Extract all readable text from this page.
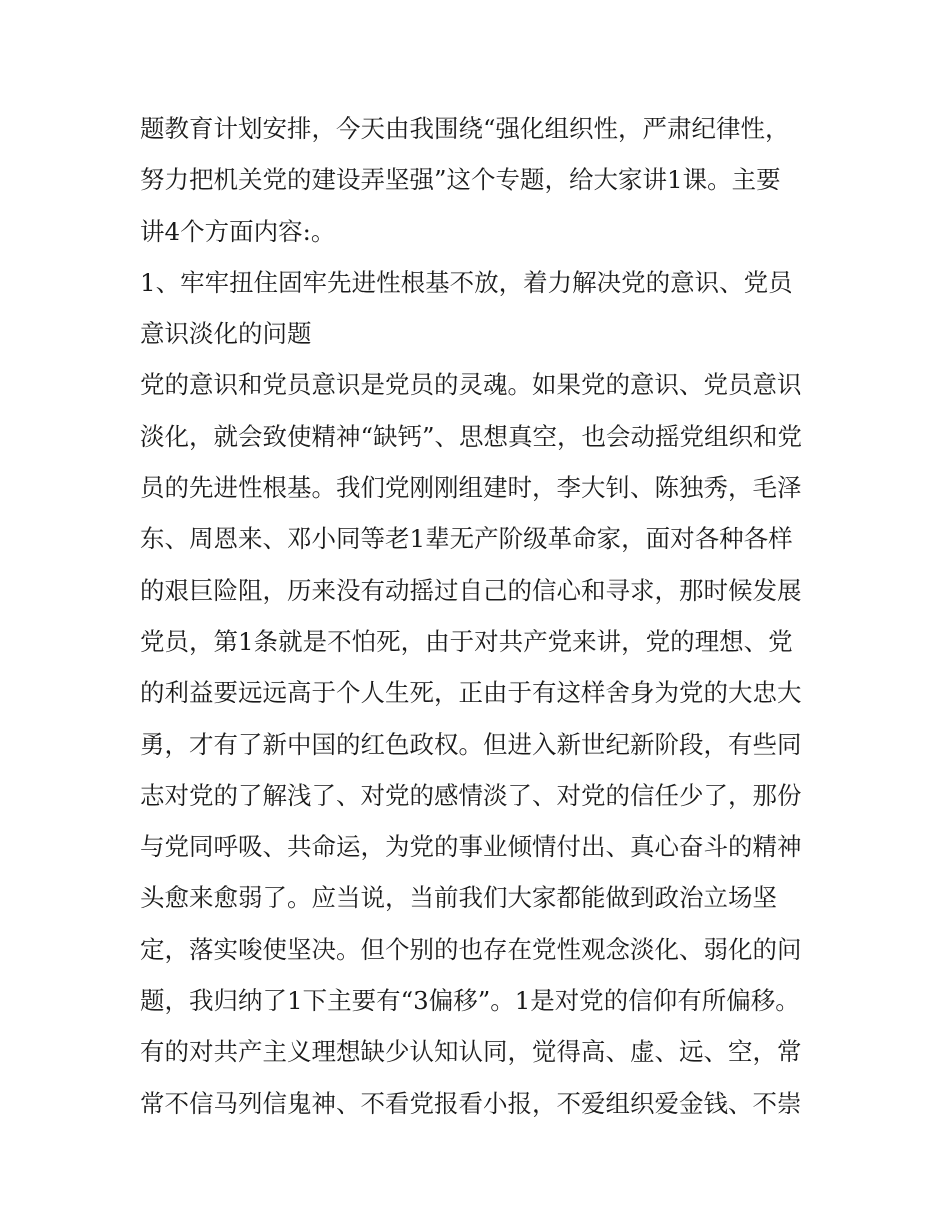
题教育计划安排，今天由我围绕“强化组织性，严肃纪律性，
努力把机关党的建设弄坚强”这个专题，给大家讲1课。主要
讲4个方面内容:。
1、牢牢扭住固牢先进性根基不放，着力解决党的意识、党员
意识淡化的问题
党的意识和党员意识是党员的灵魂。如果党的意识、党员意识
淡化，就会致使精神“缺钙”、思想真空，也会动摇党组织和党
员的先进性根基。我们党刚刚组建时，李大钊、陈独秀，毛泽
东、周恩来、邓小同等老1辈无产阶级革命家，面对各种各样
的艰巨险阻，历来没有动摇过自己的信心和寻求，那时候发展
党员，第1条就是不怕死，由于对共产党来讲，党的理想、党
的利益要远远高于个人生死，正由于有这样舍身为党的大忠大
勇，才有了新中国的红色政权。但进入新世纪新阶段，有些同
志对党的了解浅了、对党的感情淡了、对党的信任少了，那份
与党同呼吸、共命运，为党的事业倾情付出、真心奋斗的精神
头愈来愈弱了。应当说，当前我们大家都能做到政治立场坚
定，落实唆使坚决。但个别的也存在党性观念淡化、弱化的问
题，我归纳了1下主要有“3偏移”。1是对党的信仰有所偏移。
有的对共产主义理想缺少认知认同，觉得高、虚、远、空，常
常不信马列信鬼神、不看党报看小报，不爱组织爱金钱、不崇
